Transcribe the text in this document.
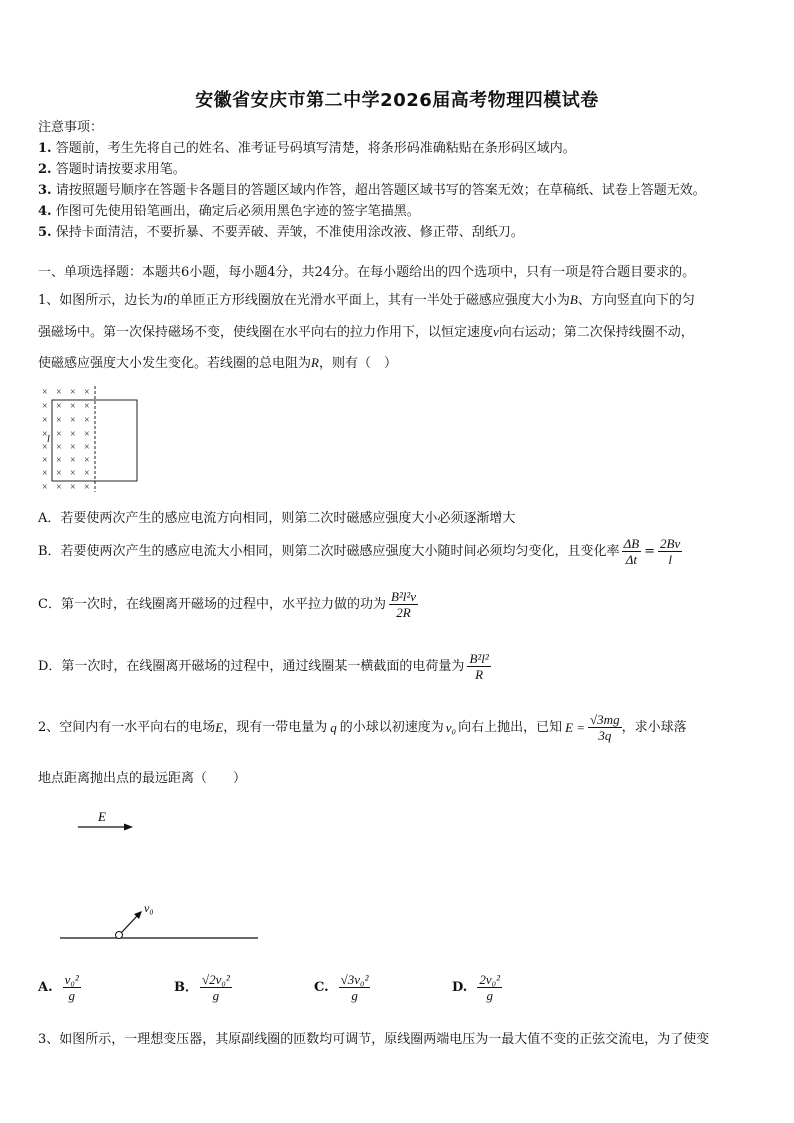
安徽省安庆市第二中学2026届高考物理四模试卷
注意事项：
1. 答题前，考生先将自己的姓名、准考证号码填写清楚，将条形码准确粘贴在条形码区域内。
2. 答题时请按要求用笔。
3. 请按照题号顺序在答题卡各题目的答题区域内作答，超出答题区域书写的答案无效；在草稿纸、试卷上答题无效。
4. 作图可先使用铅笔画出，确定后必须用黑色字迹的签字笔描黑。
5. 保持卡面清洁，不要折暴、不要弄破、弄皱，不准使用涂改液、修正带、刮纸刀。
一、单项选择题：本题共6小题，每小题4分，共24分。在每小题给出的四个选项中，只有一项是符合题目要求的。
1、如图所示，边长为l的单匝正方形线圈放在光滑水平面上，其有一半处于磁感应强度大小为B、方向竖直向下的匀
强磁场中。第一次保持磁场不变，使线圈在水平向右的拉力作用下，以恒定速度v向右运动；第二次保持线圈不动，
使磁感应强度大小发生变化。若线圈的总电阻为R，则有（　）
× × × ×
× × × ×
× × × ×
× × × ×
× × × ×
× × × ×
× × × ×
× × × ×
l
A．若要使两次产生的感应电流方向相同，则第二次时磁感应强度大小必须逐渐增大
B．若要使两次产生的感应电流大小相同，则第二次时磁感应强度大小随时间必须均匀变化，且变化率 $\frac{\Delta B}{\Delta t} = \frac{2Bv}{l}$
C．第一次时，在线圈离开磁场的过程中，水平拉力做的功为 $\frac{\text{B²l²v}}{2R}$
D．第一次时，在线圈离开磁场的过程中，通过线圈某一横截面的电荷量为 $\frac{\text{B²l²}}{R}$
2、空间内有一水平向右的电场 E ，现有一带电量为 q 的小球以初速度为 v₀ 向右上抛出，已知 $E = \frac{√3mg}{3q}$ ，求小球落
地点距离抛出点的最远距离（　　）
E
v₀
A. $\frac{\text{v₀²}}{g}$	B． $\frac{\text{√2v₀²}}{g}$	C. $\frac{\text{√3v₀²}}{g}$	D. $\frac{\text{2v₀²}}{g}$
3、如图所示，一理想变压器，其原副线圈的匝数均可调节，原线圈两端电压为一最大值不变的正弦交流电，为了使变
